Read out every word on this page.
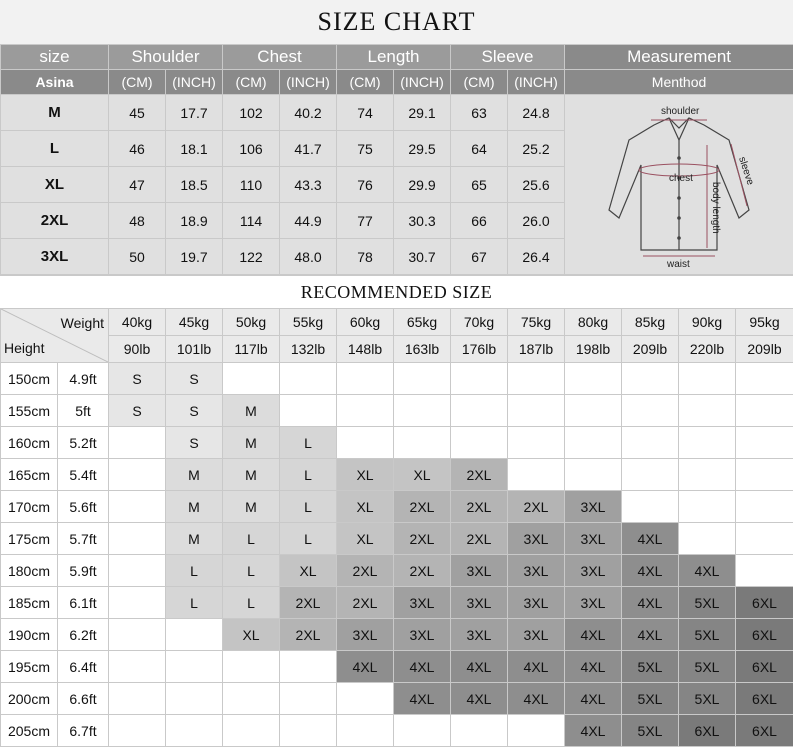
SIZE CHART
size	Shoulder		Chest		Length		Sleeve		Measurement
Asina	(CM)	(INCH)	(CM)	(INCH)	(CM)	(INCH)	(CM)	(INCH)	Menthod
M	45	17.7	102	40.2	74	29.1	63	24.8	shoulder
chest
waist
sleeve
body length

L	46	18.1	106	41.7	75	29.5	64	25.2	
XL	47	18.5	110	43.3	76	29.9	65	25.6	
2XL	48	18.9	114	44.9	77	30.3	66	26.0	
3XL	50	19.7	122	48.0	78	30.7	67	26.4	
RECOMMENDED SIZE
Weight
Height		40kg	45kg	50kg	55kg	60kg	65kg	70kg	75kg	80kg	85kg	90kg	95kg
		90lb	101lb	117lb	132lb	148lb	163lb	176lb	187lb	198lb	209lb	220lb	209lb
150cm	4.9ft	S	S										
155cm	5ft	S	S	M									
160cm	5.2ft		S	M	L								
165cm	5.4ft		M	M	L	XL	XL	2XL					
170cm	5.6ft		M	M	L	XL	2XL	2XL	2XL	3XL			
175cm	5.7ft		M	L	L	XL	2XL	2XL	3XL	3XL	4XL		
180cm	5.9ft		L	L	XL	2XL	2XL	3XL	3XL	3XL	4XL	4XL	
185cm	6.1ft		L	L	2XL	2XL	3XL	3XL	3XL	3XL	4XL	5XL	6XL
190cm	6.2ft			XL	2XL	3XL	3XL	3XL	3XL	4XL	4XL	5XL	6XL
195cm	6.4ft					4XL	4XL	4XL	4XL	4XL	5XL	5XL	6XL
200cm	6.6ft						4XL	4XL	4XL	4XL	5XL	5XL	6XL
205cm	6.7ft									4XL	5XL	6XL	6XL
